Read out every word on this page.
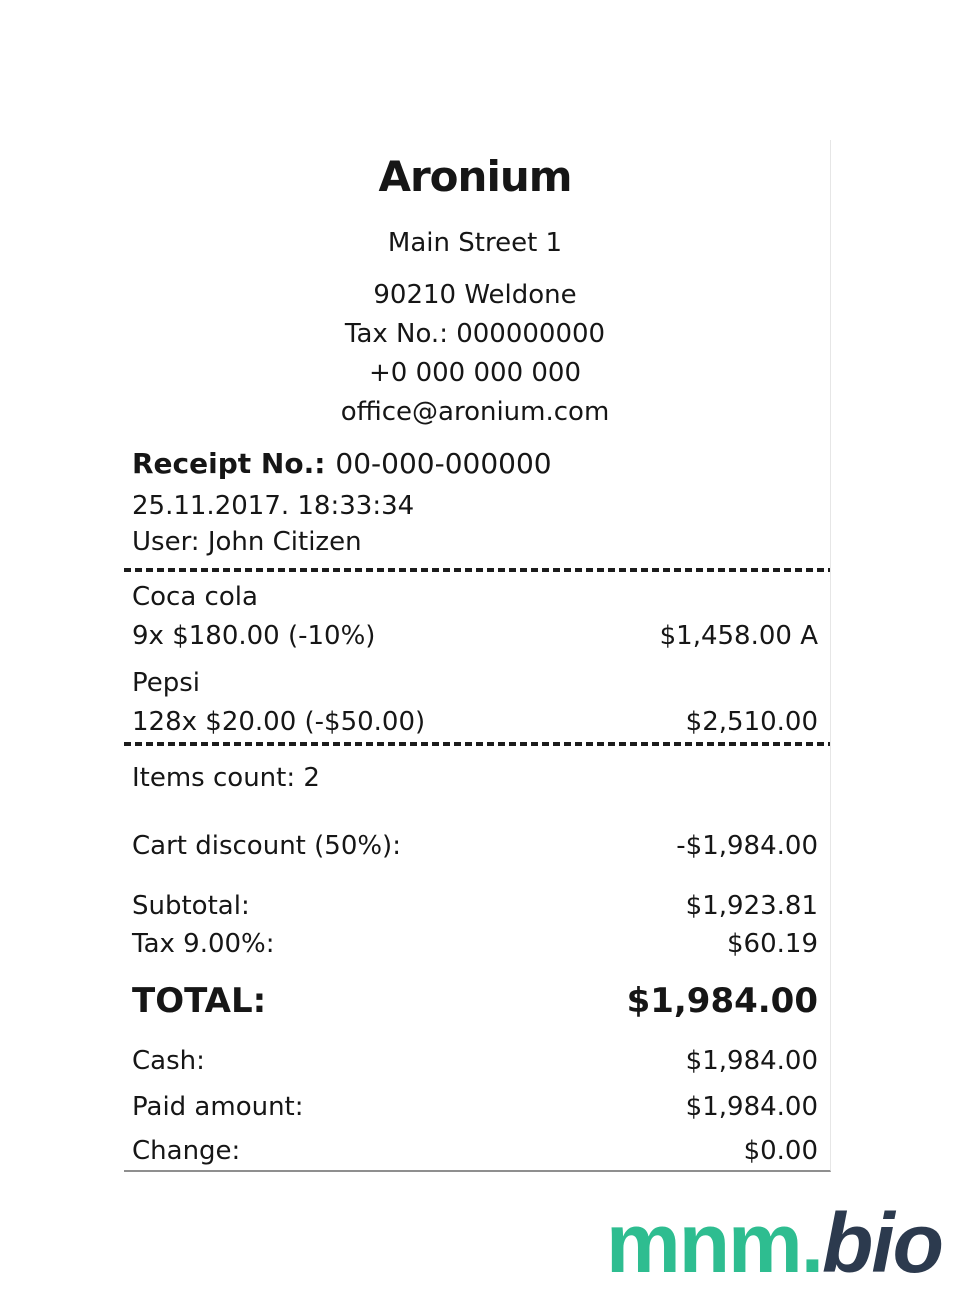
Aronium
Main Street 1
90210 Weldone
Tax No.: 000000000
+0 000 000 000
office@aronium.com
Receipt No.: 00-000-000000
25.11.2017. 18:33:34
User: John Citizen
Coca cola
9x $180.00 (-10%)	$1,458.00 A
Pepsi
128x $20.00 (-$50.00)	$2,510.00
Items count: 2
Cart discount (50%):	-$1,984.00
Subtotal:	$1,923.81
Tax 9.00%:	$60.19
TOTAL:	$1,984.00
Cash:	$1,984.00
Paid amount:	$1,984.00
Change:	$0.00
mnm.bio
